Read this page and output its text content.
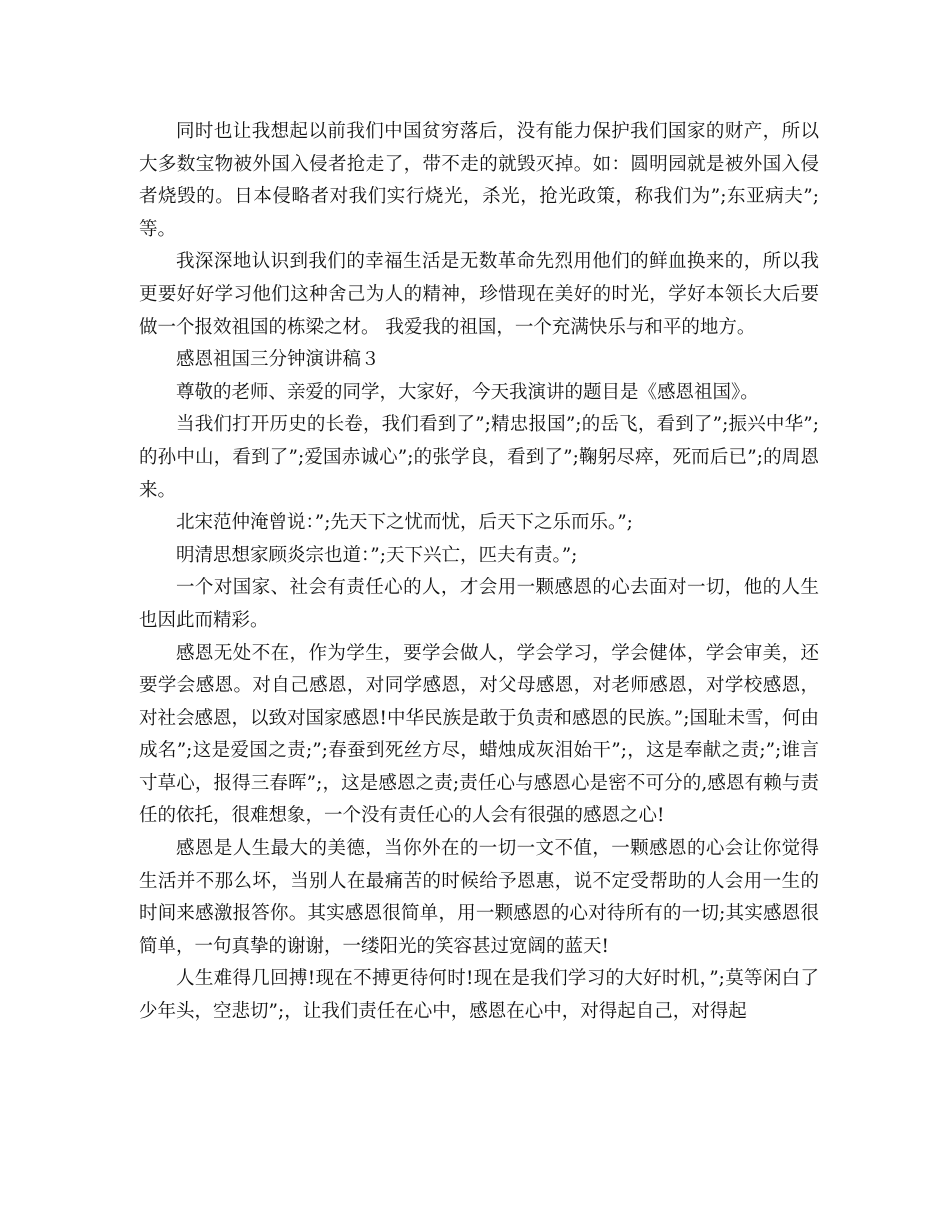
同时也让我想起以前我们中国贫穷落后，没有能力保护我们国家的财产，所以大多数宝物被外国入侵者抢走了，带不走的就毁灭掉。如：圆明园就是被外国入侵者烧毁的。日本侵略者对我们实行烧光，杀光，抢光政策，称我们为”;东亚病夫”;等。

我深深地认识到我们的幸福生活是无数革命先烈用他们的鲜血换来的，所以我更要好好学习他们这种舍己为人的精神，珍惜现在美好的时光，学好本领长大后要做一个报效祖国的栋梁之材。 我爱我的祖国，一个充满快乐与和平的地方。

感恩祖国三分钟演讲稿３

尊敬的老师、亲爱的同学，大家好，今天我演讲的题目是《感恩祖国》。

当我们打开历史的长卷，我们看到了”;精忠报国”;的岳飞，看到了”;振兴中华”;的孙中山，看到了”;爱国赤诚心”;的张学良，看到了”;鞠躬尽瘁，死而后已”;的周恩来。

北宋范仲淹曾说：”;先天下之忧而忧，后天下之乐而乐。”;

明清思想家顾炎宗也道：”;天下兴亡，匹夫有责。”;

一个对国家、社会有责任心的人，才会用一颗感恩的心去面对一切，他的人生也因此而精彩。

感恩无处不在，作为学生，要学会做人，学会学习，学会健体，学会审美，还要学会感恩。对自己感恩，对同学感恩，对父母感恩，对老师感恩，对学校感恩，对社会感恩，以致对国家感恩!中华民族是敢于负责和感恩的民族。”;国耻未雪，何由成名”;这是爱国之责;”;春蚕到死丝方尽，蜡烛成灰泪始干”;，这是奉献之责;”;谁言寸草心，报得三春晖”;，这是感恩之责;责任心与感恩心是密不可分的,感恩有赖与责任的依托，很难想象，一个没有责任心的人会有很强的感恩之心!

感恩是人生最大的美德，当你外在的一切一文不值，一颗感恩的心会让你觉得生活并不那么坏，当别人在最痛苦的时候给予恩惠，说不定受帮助的人会用一生的时间来感激报答你。其实感恩很简单，用一颗感恩的心对待所有的一切;其实感恩很简单，一句真挚的谢谢，一缕阳光的笑容甚过宽阔的蓝天!

人生难得几回搏!现在不搏更待何时!现在是我们学习的大好时机，”;莫等闲白了少年头，空悲切”;，让我们责任在心中，感恩在心中，对得起自己，对得起
